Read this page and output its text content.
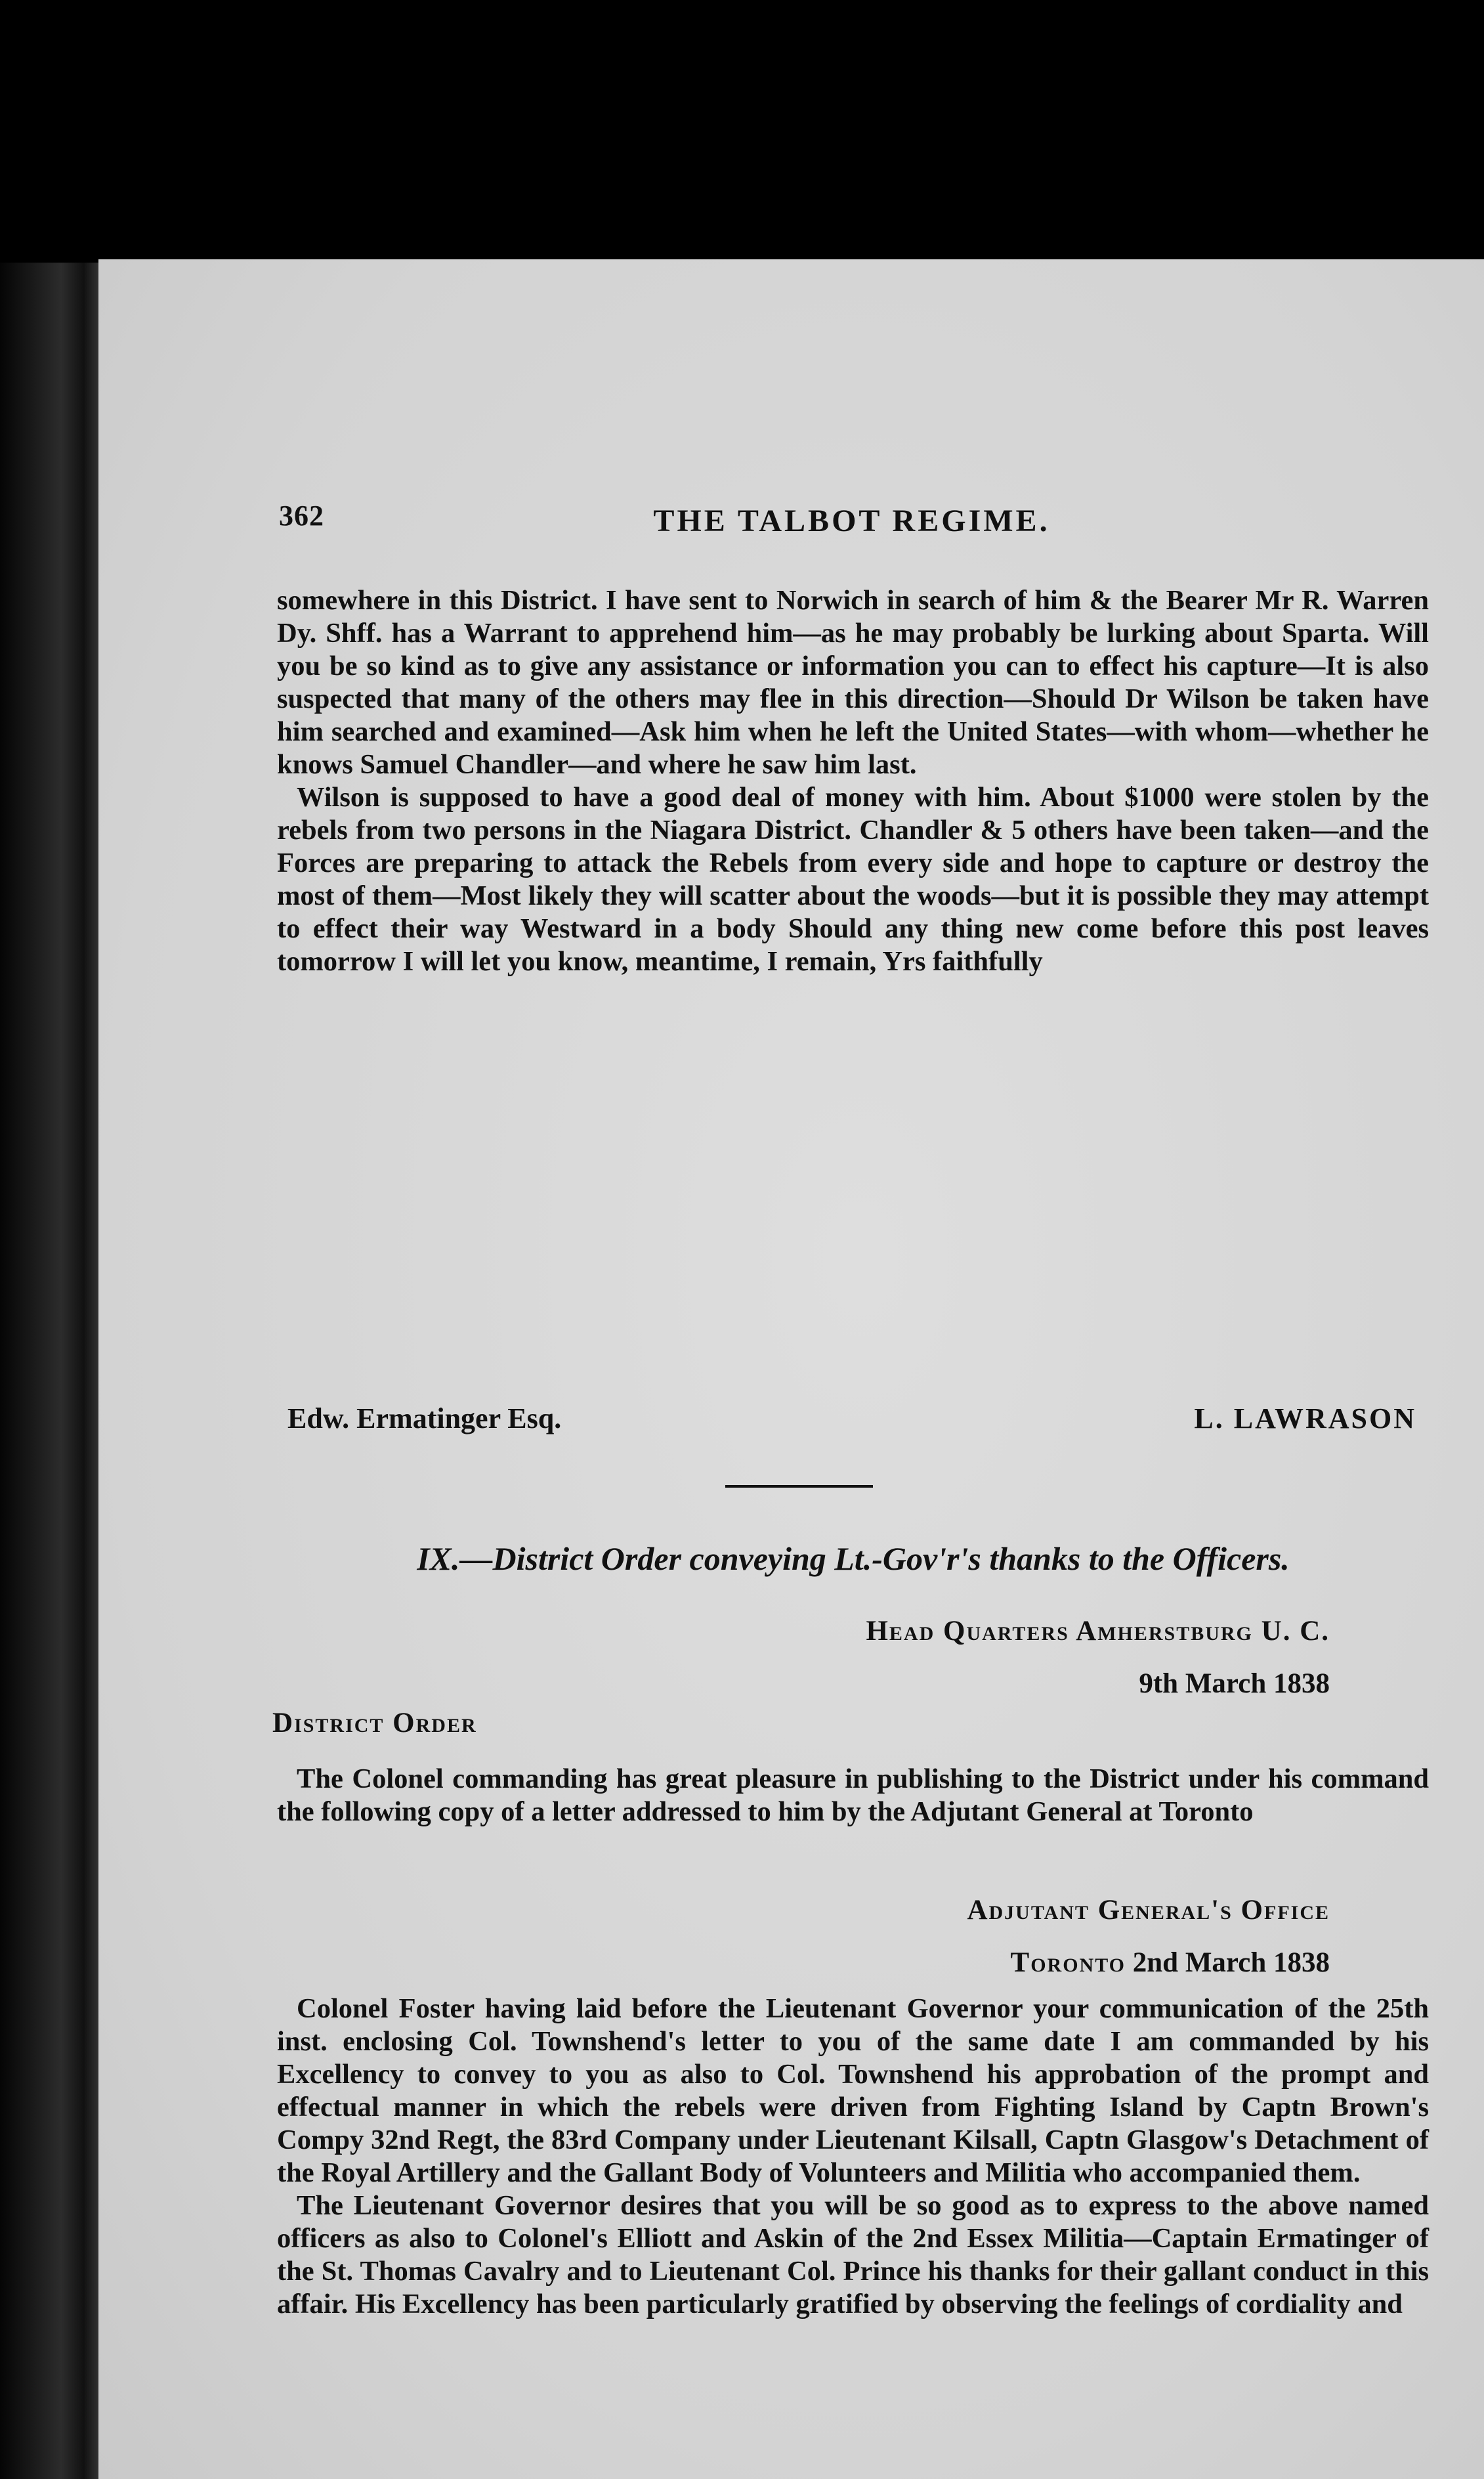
362	THE TALBOT REGIME.

somewhere in this District. I have sent to Norwich in search of him & the Bearer Mr R. Warren Dy. Shff. has a Warrant to apprehend him—as he may probably be lurking about Sparta. Will you be so kind as to give any assistance or information you can to effect his capture—It is also suspected that many of the others may flee in this direction—Should Dr Wilson be taken have him searched and examined—Ask him when he left the United States—with whom—whether he knows Samuel Chandler—and where he saw him last.

Wilson is supposed to have a good deal of money with him. About $1000 were stolen by the rebels from two persons in the Niagara District. Chandler & 5 others have been taken—and the Forces are preparing to attack the Rebels from every side and hope to capture or destroy the most of them—Most likely they will scatter about the woods—but it is possible they may attempt to effect their way Westward in a body Should any thing new come before this post leaves tomorrow I will let you know, meantime, I remain, Yrs faithfully

Edw. Ermatinger Esq.	L. LAWRASON
IX.—District Order conveying Lt.-Gov'r's thanks to the Officers.
Head Quarters Amherstburg U. C.
9th March 1838
District Order

The Colonel commanding has great pleasure in publishing to the District under his command the following copy of a letter addressed to him by the Adjutant General at Toronto

Adjutant General's Office
Toronto 2nd March 1838

Colonel Foster having laid before the Lieutenant Governor your communication of the 25th inst. enclosing Col. Townshend's letter to you of the same date I am commanded by his Excellency to convey to you as also to Col. Townshend his approbation of the prompt and effectual manner in which the rebels were driven from Fighting Island by Captn Brown's Compy 32nd Regt, the 83rd Company under Lieutenant Kilsall, Captn Glasgow's Detachment of the Royal Artillery and the Gallant Body of Volunteers and Militia who accompanied them.

The Lieutenant Governor desires that you will be so good as to express to the above named officers as also to Colonel's Elliott and Askin of the 2nd Essex Militia—Captain Ermatinger of the St. Thomas Cavalry and to Lieutenant Col. Prince his thanks for their gallant conduct in this affair. His Excellency has been particularly gratified by observing the feelings of cordiality and
